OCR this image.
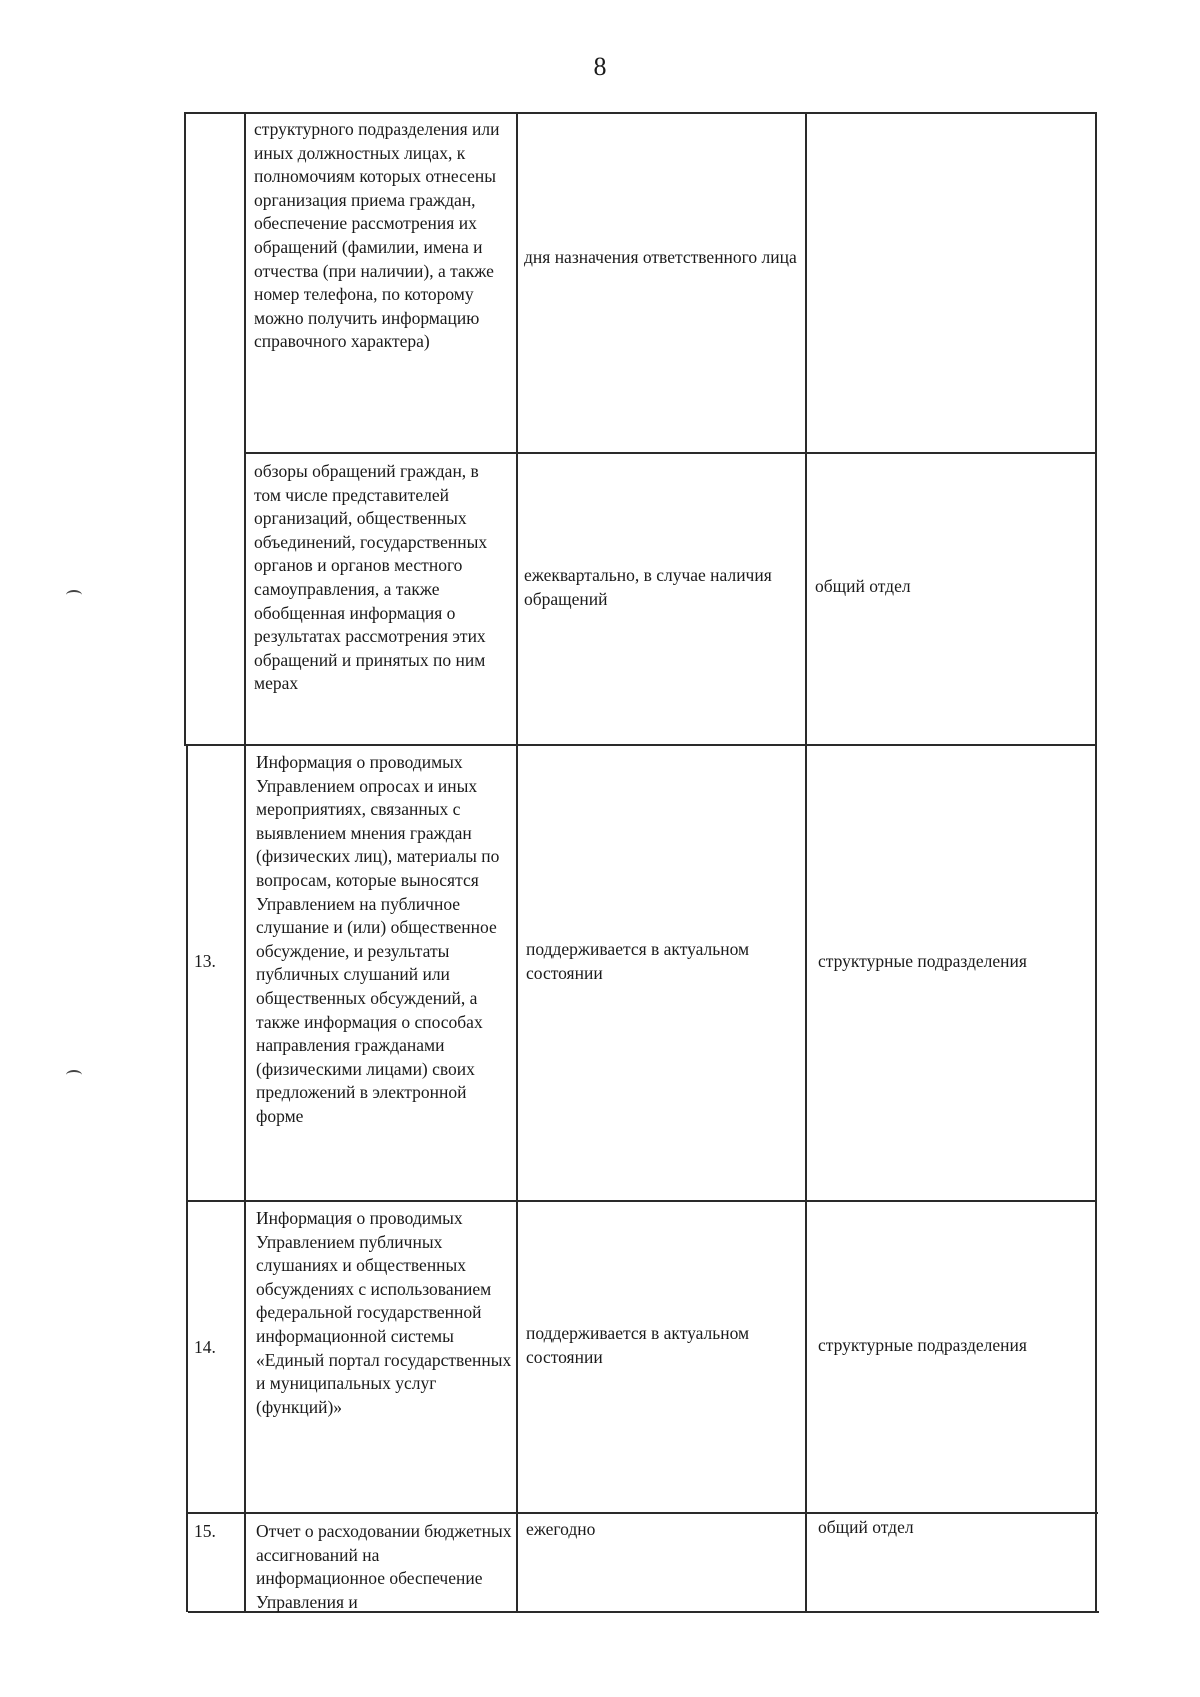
8
структурного подразделения или иных должностных лицах, к полномочиям которых отнесены организация приема граждан, обеспечение рассмотрения их обращений (фамилии, имена и отчества (при наличии), а также номер телефона, по которому можно получить информацию справочного характера)
дня назначения ответственного лица
обзоры обращений граждан, в том числе представителей организаций, общественных объединений, государственных органов и органов местного самоуправления, а также обобщенная информация о результатах рассмотрения этих обращений и принятых по ним мерах
ежеквартально, в случае наличия обращений
общий отдел
13.
Информация о проводимых Управлением опросах и иных мероприятиях, связанных с выявлением мнения граждан (физических лиц), материалы по вопросам, которые выносятся Управлением на публичное слушание и (или) общественное обсуждение, и результаты публичных слушаний или общественных обсуждений, а также информация о способах направления гражданами (физическими лицами) своих предложений в электронной форме
поддерживается в актуальном состоянии
структурные подразделения
14.
Информация о проводимых Управлением публичных слушаниях и общественных обсуждениях с использованием федеральной государственной информационной системы «Единый портал государственных и муниципальных услуг (функций)»
поддерживается в актуальном состоянии
структурные подразделения
15.	Отчет о расходовании бюджетных ассигнований на информационное обеспечение Управления и
ежегодно	общий отдел
